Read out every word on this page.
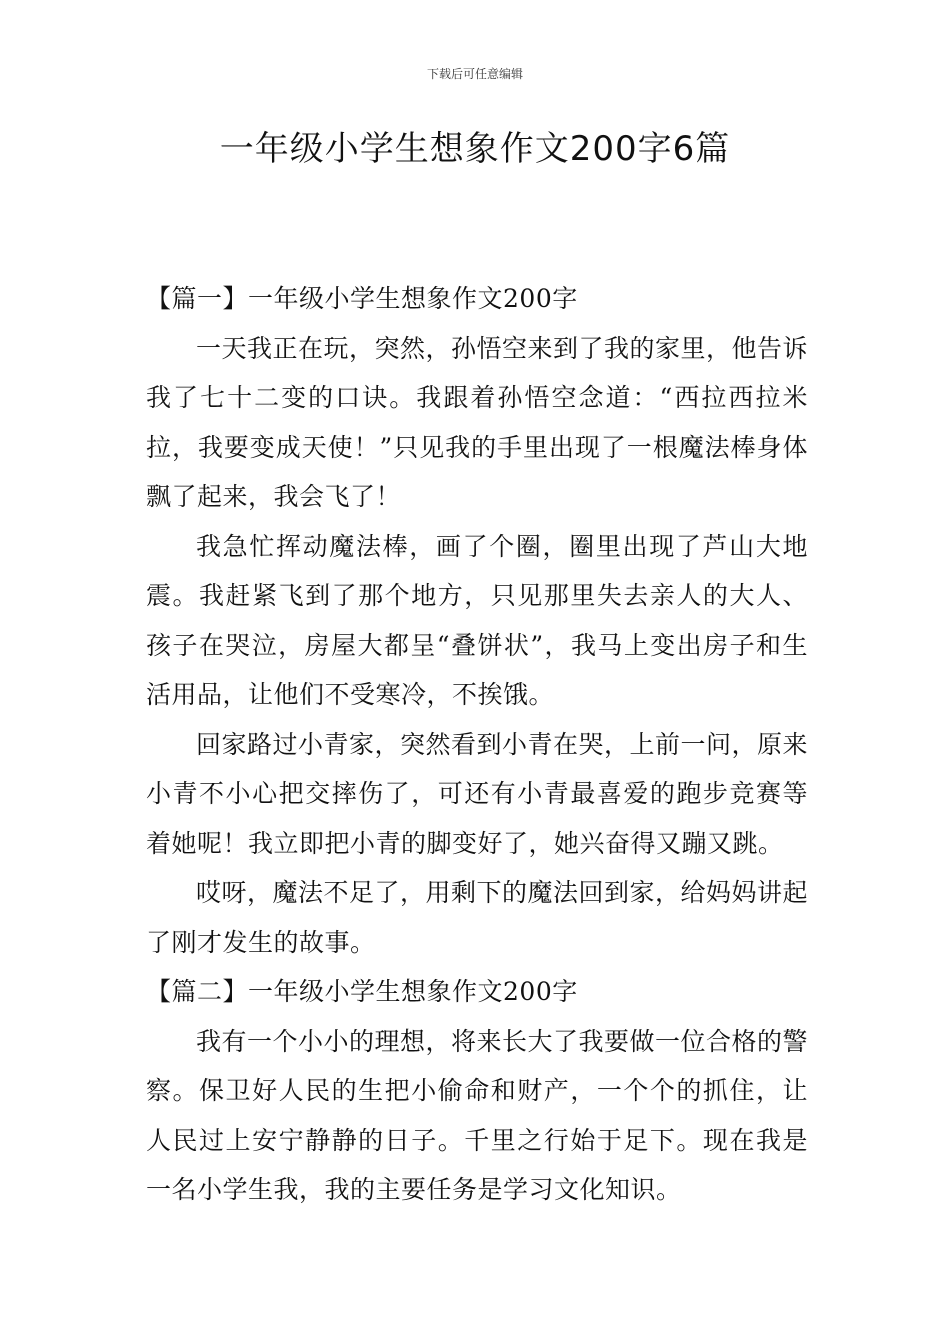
下载后可任意编辑
一年级小学生想象作文200字6篇
【篇一】一年级小学生想象作文200字

一天我正在玩，突然，孙悟空来到了我的家里，他告诉我了七十二变的口诀。我跟着孙悟空念道：“西拉西拉米拉，我要变成天使！”只见我的手里出现了一根魔法棒身体飘了起来，我会飞了！

我急忙挥动魔法棒，画了个圈，圈里出现了芦山大地震。我赶紧飞到了那个地方，只见那里失去亲人的大人、孩子在哭泣，房屋大都呈“叠饼状”，我马上变出房子和生活用品，让他们不受寒冷，不挨饿。

回家路过小青家，突然看到小青在哭，上前一问，原来小青不小心把交摔伤了，可还有小青最喜爱的跑步竞赛等着她呢！我立即把小青的脚变好了，她兴奋得又蹦又跳。

哎呀，魔法不足了，用剩下的魔法回到家，给妈妈讲起了刚才发生的故事。

【篇二】一年级小学生想象作文200字

我有一个小小的理想，将来长大了我要做一位合格的警察。保卫好人民的生把小偷命和财产，一个个的抓住，让人民过上安宁静静的日子。千里之行始于足下。现在我是一名小学生我，我的主要任务是学习文化知识。
